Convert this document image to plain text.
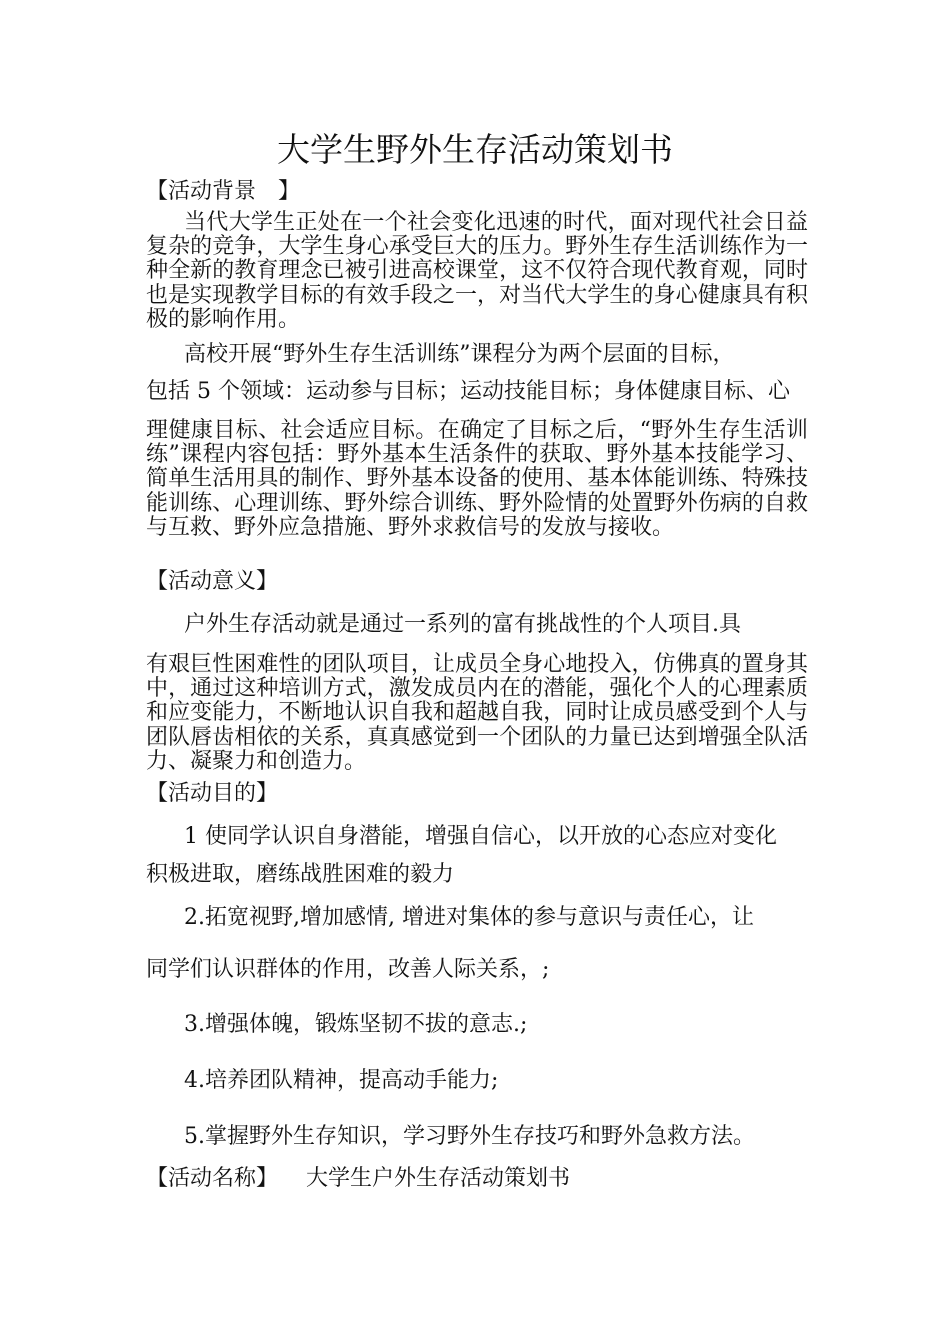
大学生野外生存活动策划书

【活动背景　】

当代大学生正处在一个社会变化迅速的时代，面对现代社会日益复杂的竞争，大学生身心承受巨大的压力。野外生存生活训练作为一种全新的教育理念已被引进高校课堂，这不仅符合现代教育观，同时也是实现教学目标的有效手段之一，对当代大学生的身心健康具有积极的影响作用。

高校开展“野外生存生活训练”课程分为两个层面的目标，

包括 5 个领域：运动参与目标；运动技能目标；身体健康目标、心

理健康目标、社会适应目标。在确定了目标之后，“野外生存生活训练”课程内容包括：野外基本生活条件的获取、野外基本技能学习、简单生活用具的制作、野外基本设备的使用、基本体能训练、特殊技能训练、心理训练、野外综合训练、野外险情的处置野外伤病的自救与互救、野外应急措施、野外求救信号的发放与接收。

【活动意义】

户外生存活动就是通过一系列的富有挑战性的个人项目.具

有艰巨性困难性的团队项目，让成员全身心地投入，仿佛真的置身其中，通过这种培训方式，激发成员内在的潜能，强化个人的心理素质和应变能力，不断地认识自我和超越自我，同时让成员感受到个人与团队唇齿相依的关系，真真感觉到一个团队的力量已达到增强全队活力、凝聚力和创造力。

【活动目的】

1 使同学认识自身潜能，增强自信心，以开放的心态应对变化

积极进取，磨练战胜困难的毅力

2.拓宽视野,增加感情, 增进对集体的参与意识与责任心，让

同学们认识群体的作用，改善人际关系，;

3.增强体魄，锻炼坚韧不拔的意志.;

4.培养团队精神，提高动手能力;

5.掌握野外生存知识，学习野外生存技巧和野外急救方法。

【活动名称】 大学生户外生存活动策划书
